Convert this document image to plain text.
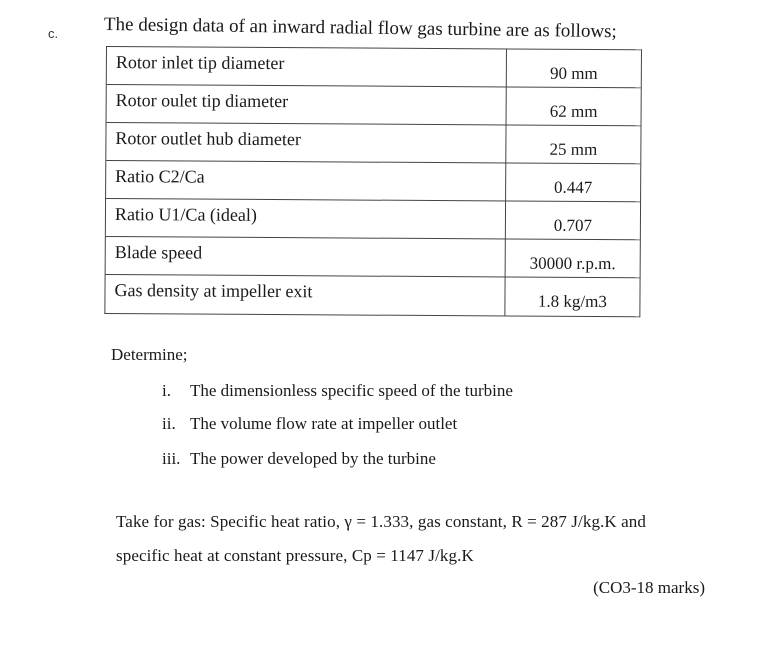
c. The design data of an inward radial flow gas turbine are as follows;
Rotor inlet tip diameter
90 mm
Rotor oulet tip diameter
62 mm
Rotor outlet hub diameter
25 mm
Ratio C2/Ca
0.447
Ratio U1/Ca (ideal)
0.707
Blade speed
30000 r.p.m.
Gas density at impeller exit
1.8 kg/m3
Determine;
i. The dimensionless specific speed of the turbine
ii. The volume flow rate at impeller outlet
iii. The power developed by the turbine
Take for gas: Specific heat ratio, γ = 1.333, gas constant, R = 287 J/kg.K and
specific heat at constant pressure, Cp = 1147 J/kg.K
(CO3-18 marks)
